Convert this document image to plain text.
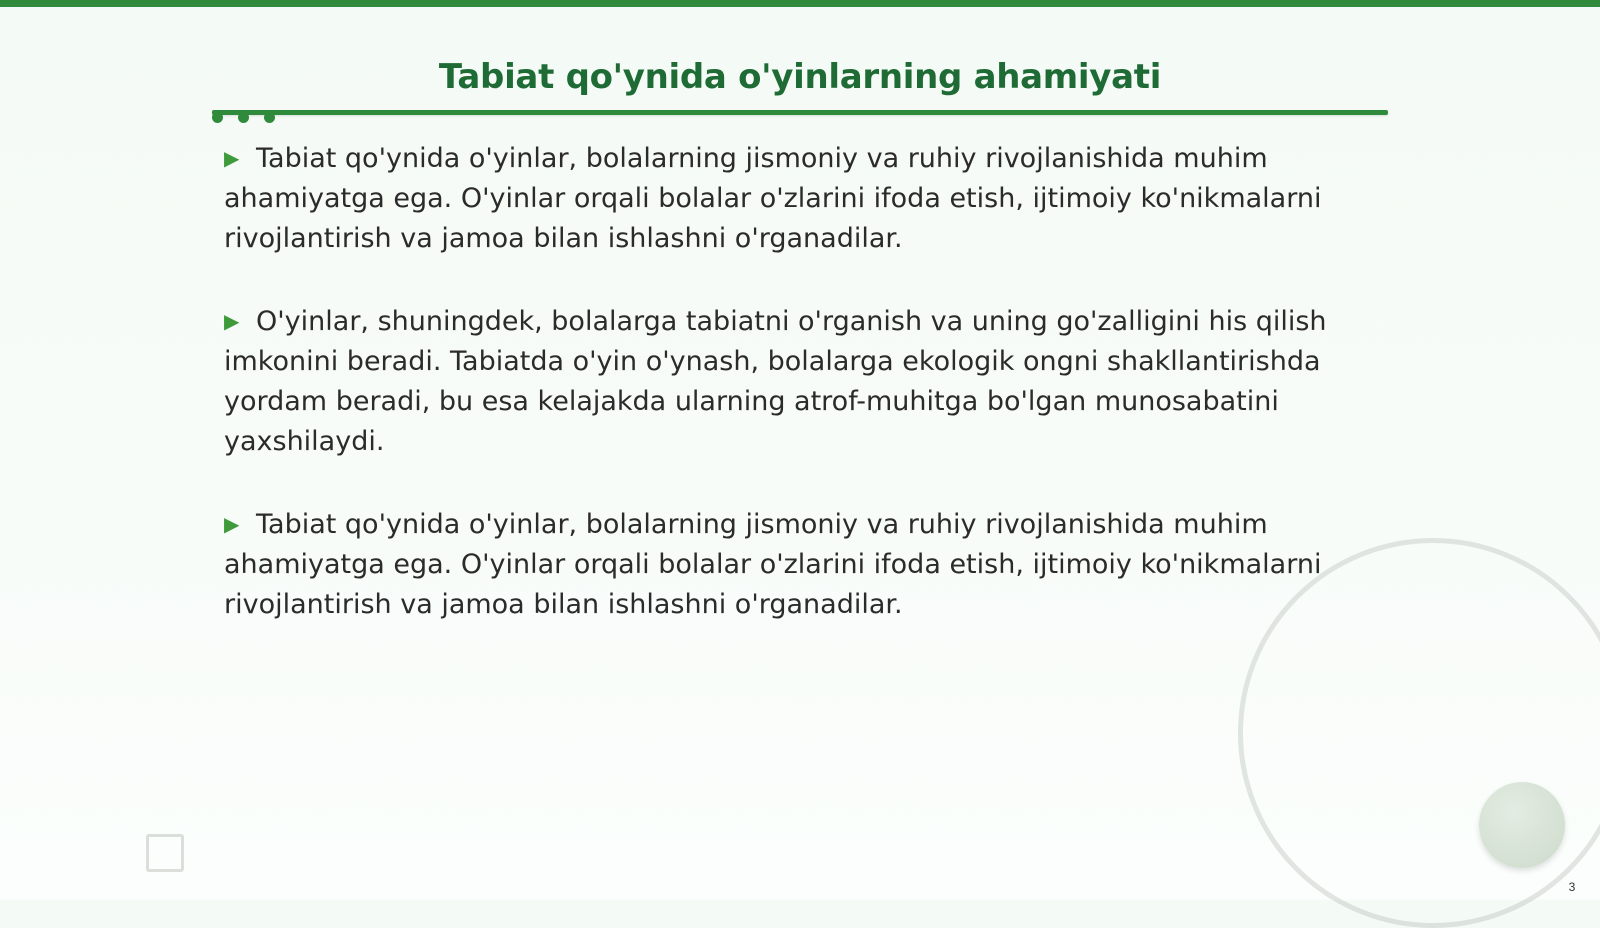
Tabiat qo'ynida o'yinlarning ahamiyati
▶ Tabiat qo'ynida o'yinlar, bolalarning jismoniy va ruhiy rivojlanishida muhim ahamiyatga ega. O'yinlar orqali bolalar o'zlarini ifoda etish, ijtimoiy ko'nikmalarni rivojlantirish va jamoa bilan ishlashni o'rganadilar.
▶ O'yinlar, shuningdek, bolalarga tabiatni o'rganish va uning go'zalligini his qilish imkonini beradi. Tabiatda o'yin o'ynash, bolalarga ekologik ongni shakllantirishda yordam beradi, bu esa kelajakda ularning atrof-muhitga bo'lgan munosabatini yaxshilaydi.
▶ Tabiat qo'ynida o'yinlar, bolalarning jismoniy va ruhiy rivojlanishida muhim ahamiyatga ega. O'yinlar orqali bolalar o'zlarini ifoda etish, ijtimoiy ko'nikmalarni rivojlantirish va jamoa bilan ishlashni o'rganadilar.
3
